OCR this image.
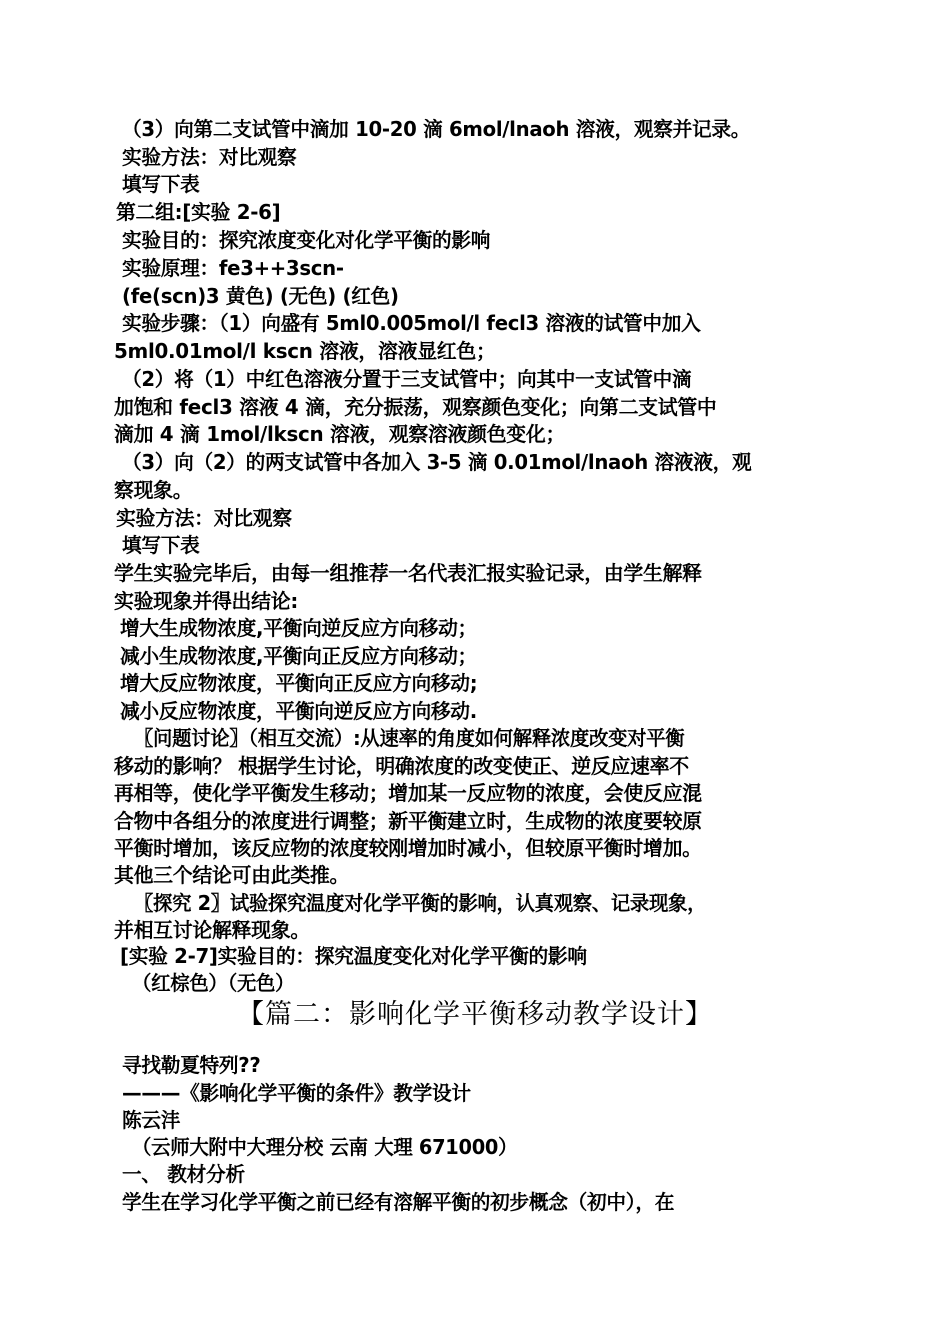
（3）向第二支试管中滴加 10-20 滴 6mol/lnaoh 溶液，观察并记录。
实验方法：对比观察
填写下表
第二组:[实验 2-6]
实验目的：探究浓度变化对化学平衡的影响
实验原理：fe3++3scn-
(fe(scn)3 黄色) (无色) (红色)
实验步骤：（1）向盛有 5ml0.005mol/l fecl3 溶液的试管中加入
5ml0.01mol/l kscn 溶液，溶液显红色；
（2）将（1）中红色溶液分置于三支试管中；向其中一支试管中滴
加饱和 fecl3 溶液 4 滴，充分振荡，观察颜色变化；向第二支试管中
滴加 4 滴 1mol/lkscn 溶液，观察溶液颜色变化；
（3）向（2）的两支试管中各加入 3-5 滴 0.01mol/lnaoh 溶液液，观
察现象。
实验方法：对比观察
填写下表
学生实验完毕后，由每一组推荐一名代表汇报实验记录，由学生解释
实验现象并得出结论:
增大生成物浓度,平衡向逆反应方向移动；
减小生成物浓度,平衡向正反应方向移动；
增大反应物浓度，平衡向正反应方向移动;
减小反应物浓度，平衡向逆反应方向移动.
〖问题讨论〗（相互交流）:从速率的角度如何解释浓度改变对平衡
移动的影响？ 根据学生讨论，明确浓度的改变使正、逆反应速率不
再相等，使化学平衡发生移动；增加某一反应物的浓度，会使反应混
合物中各组分的浓度进行调整；新平衡建立时，生成物的浓度要较原
平衡时增加，该反应物的浓度较刚增加时减小，但较原平衡时增加。
其他三个结论可由此类推。
〖探究 2〗试验探究温度对化学平衡的影响，认真观察、记录现象，
并相互讨论解释现象。
[实验 2-7]实验目的：探究温度变化对化学平衡的影响
（红棕色）（无色）
【篇二：影响化学平衡移动教学设计】
寻找勒夏特列??
———《影响化学平衡的条件》教学设计
陈云沣
（云师大附中大理分校 云南 大理 671000）
一、 教材分析
学生在学习化学平衡之前已经有溶解平衡的初步概念（初中），在
